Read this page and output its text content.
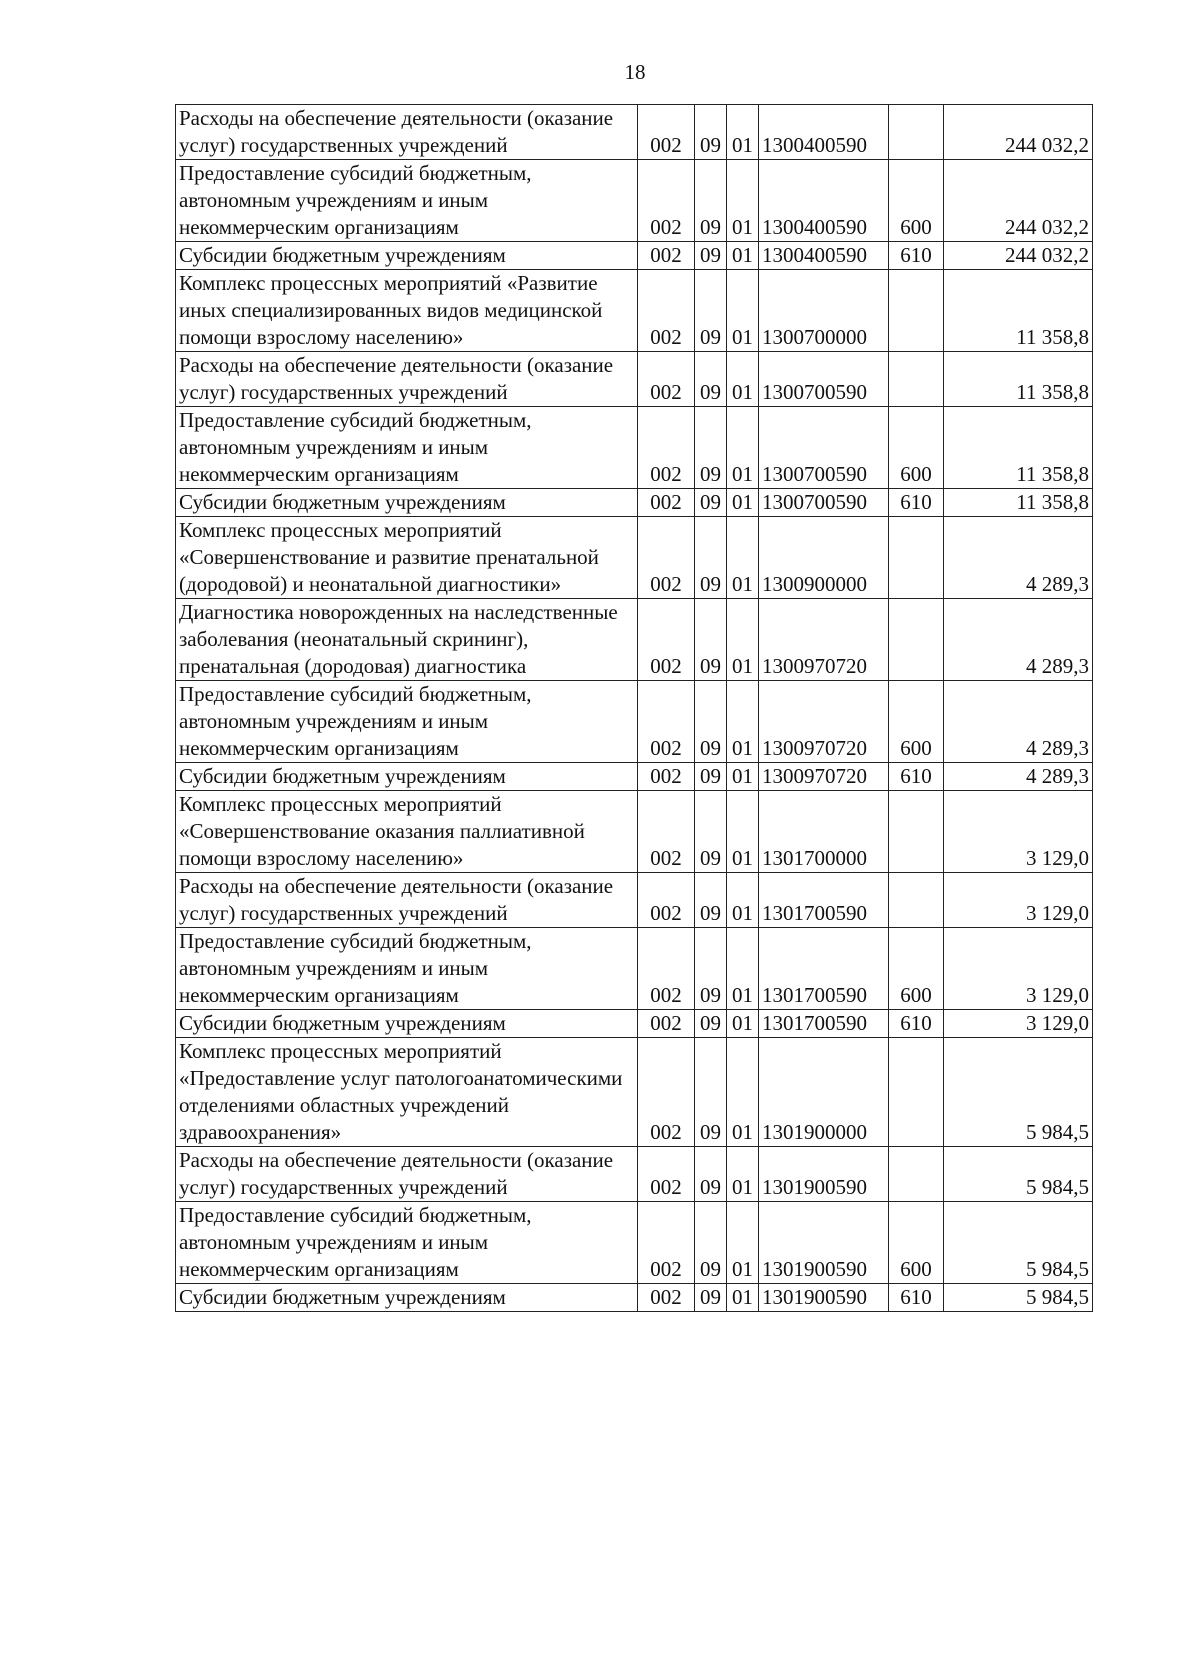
18
Расходы на обеспечение деятельности (оказание услуг) государственных учреждений	002	09	01	1300400590		244 032,2
Предоставление субсидий бюджетным, автономным учреждениям и иным некоммерческим организациям	002	09	01	1300400590	600	244 032,2
Субсидии бюджетным учреждениям	002	09	01	1300400590	610	244 032,2
Комплекс процессных мероприятий «Развитие иных специализированных видов медицинской помощи взрослому населению»	002	09	01	1300700000		11 358,8
Расходы на обеспечение деятельности (оказание услуг) государственных учреждений	002	09	01	1300700590		11 358,8
Предоставление субсидий бюджетным, автономным учреждениям и иным некоммерческим организациям	002	09	01	1300700590	600	11 358,8
Субсидии бюджетным учреждениям	002	09	01	1300700590	610	11 358,8
Комплекс процессных мероприятий «Совершенствование и развитие пренатальной (дородовой) и неонатальной диагностики»	002	09	01	1300900000		4 289,3
Диагностика новорожденных на наследственные заболевания (неонатальный скрининг), пренатальная (дородовая) диагностика	002	09	01	1300970720		4 289,3
Предоставление субсидий бюджетным, автономным учреждениям и иным некоммерческим организациям	002	09	01	1300970720	600	4 289,3
Субсидии бюджетным учреждениям	002	09	01	1300970720	610	4 289,3
Комплекс процессных мероприятий «Совершенствование оказания паллиативной помощи взрослому населению»	002	09	01	1301700000		3 129,0
Расходы на обеспечение деятельности (оказание услуг) государственных учреждений	002	09	01	1301700590		3 129,0
Предоставление субсидий бюджетным, автономным учреждениям и иным некоммерческим организациям	002	09	01	1301700590	600	3 129,0
Субсидии бюджетным учреждениям	002	09	01	1301700590	610	3 129,0
Комплекс процессных мероприятий «Предоставление услуг патологоанатомическими отделениями областных учреждений здравоохранения»	002	09	01	1301900000		5 984,5
Расходы на обеспечение деятельности (оказание услуг) государственных учреждений	002	09	01	1301900590		5 984,5
Предоставление субсидий бюджетным, автономным учреждениям и иным некоммерческим организациям	002	09	01	1301900590	600	5 984,5
Субсидии бюджетным учреждениям	002	09	01	1301900590	610	5 984,5
